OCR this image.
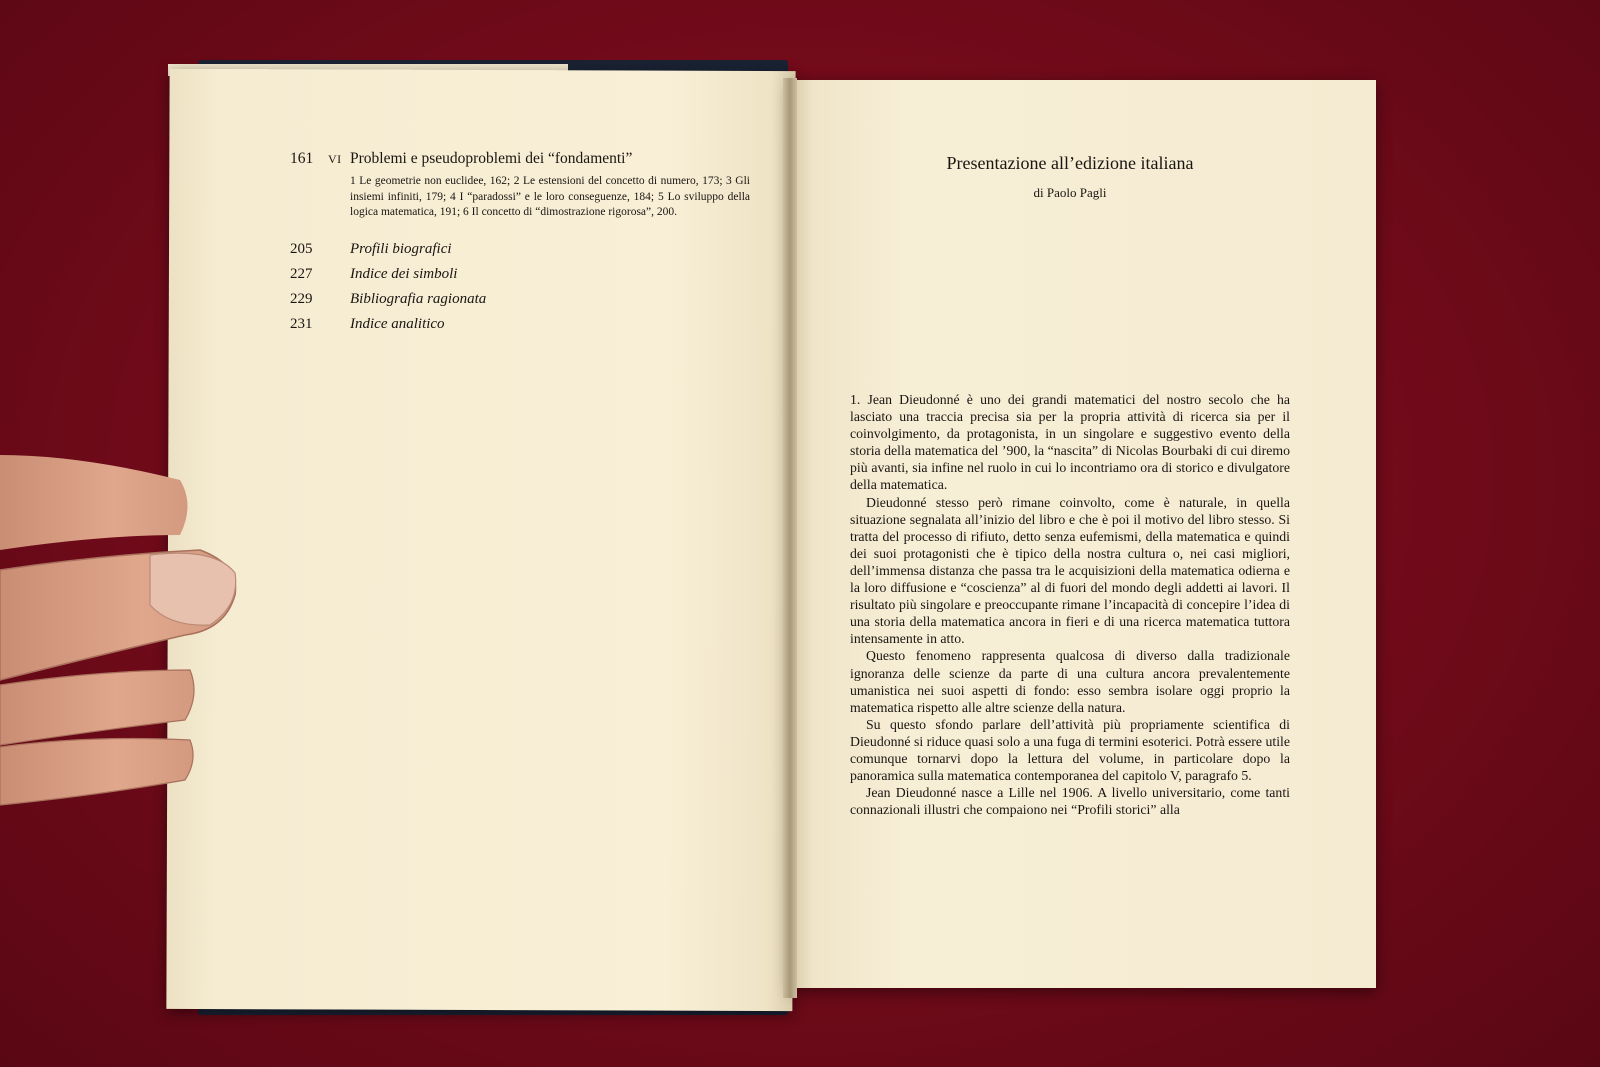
161	VI Problemi e pseudoproblemi dei “fondamenti”
1 Le geometrie non euclidee, 162; 2 Le estensioni del concetto di numero, 173; 3 Gli insiemi infiniti, 179; 4 I “paradossi” e le loro conseguenze, 184; 5 Lo sviluppo della logica matematica, 191; 6 Il concetto di “dimostrazione rigorosa”, 200.
205	Profili biografici
227	Indice dei simboli
229	Bibliografia ragionata
231	Indice analitico
Presentazione all’edizione italiana
di Paolo Pagli

1. Jean Dieudonné è uno dei grandi matematici del nostro secolo che ha lasciato una traccia precisa sia per la propria attività di ricerca sia per il coinvolgimento, da protagonista, in un singolare e suggestivo evento della storia della matematica del ’900, la “nascita” di Nicolas Bourbaki di cui diremo più avanti, sia infine nel ruolo in cui lo incontriamo ora di storico e divulgatore della matematica.

Dieudonné stesso però rimane coinvolto, come è naturale, in quella situazione segnalata all’inizio del libro e che è poi il motivo del libro stesso. Si tratta del processo di rifiuto, detto senza eufemismi, della matematica e quindi dei suoi protagonisti che è tipico della nostra cultura o, nei casi migliori, dell’immensa distanza che passa tra le acquisizioni della matematica odierna e la loro diffusione e “coscienza” al di fuori del mondo degli addetti ai lavori. Il risultato più singolare e preoccupante rimane l’incapacità di concepire l’idea di una storia della matematica ancora in fieri e di una ricerca matematica tuttora intensamente in atto.

Questo fenomeno rappresenta qualcosa di diverso dalla tradizionale ignoranza delle scienze da parte di una cultura ancora prevalentemente umanistica nei suoi aspetti di fondo: esso sembra isolare oggi proprio la matematica rispetto alle altre scienze della natura.

Su questo sfondo parlare dell’attività più propriamente scientifica di Dieudonné si riduce quasi solo a una fuga di termini esoterici. Potrà essere utile comunque tornarvi dopo la lettura del volume, in particolare dopo la panoramica sulla matematica contemporanea del capitolo V, paragrafo 5.

Jean Dieudonné nasce a Lille nel 1906. A livello universitario, come tanti connazionali illustri che compaiono nei “Profili storici” alla
